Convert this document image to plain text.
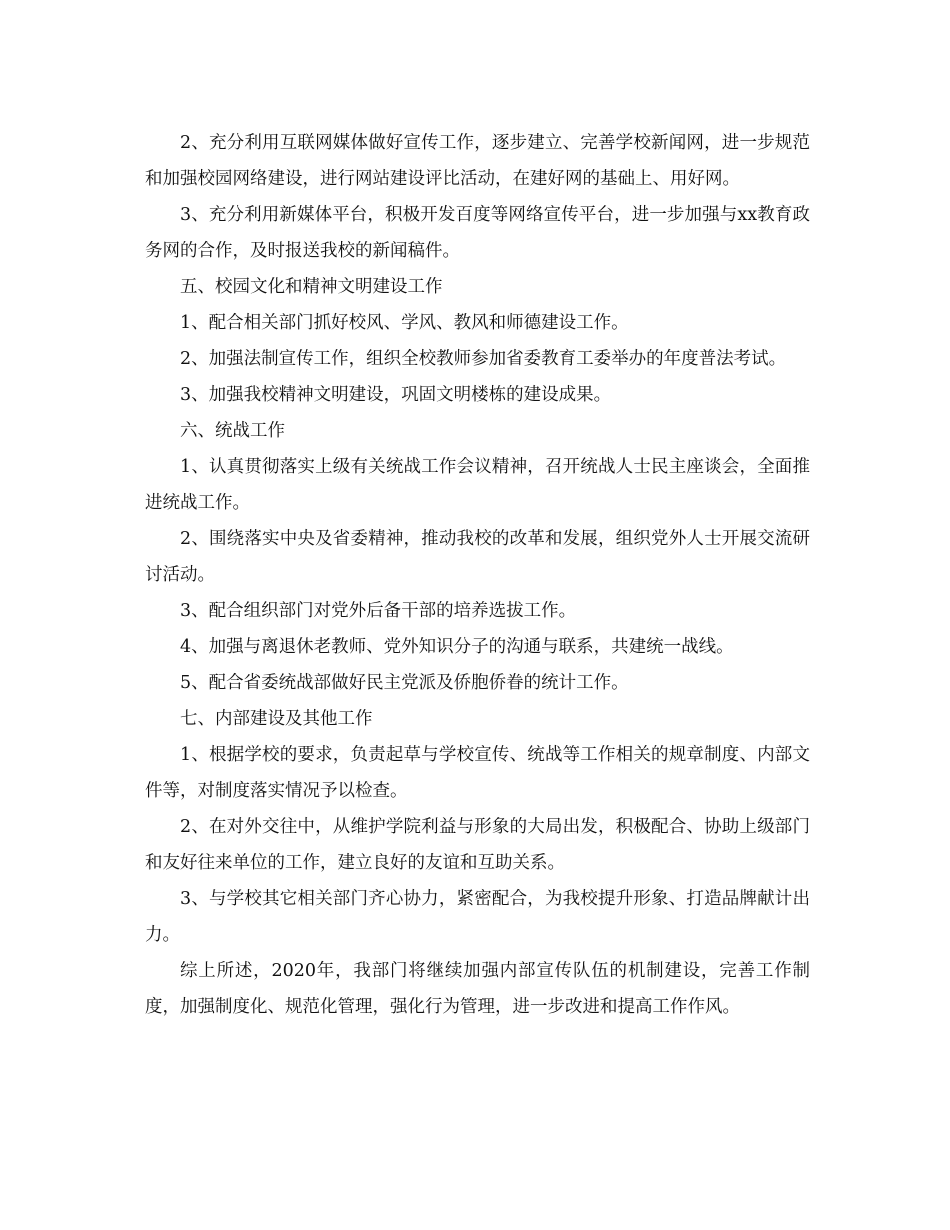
2、充分利用互联网媒体做好宣传工作，逐步建立、完善学校新闻网，进一步规范和加强校园网络建设，进行网站建设评比活动，在建好网的基础上、用好网。

3、充分利用新媒体平台，积极开发百度等网络宣传平台，进一步加强与xx教育政务网的合作，及时报送我校的新闻稿件。

五、校园文化和精神文明建设工作

1、配合相关部门抓好校风、学风、教风和师德建设工作。

2、加强法制宣传工作，组织全校教师参加省委教育工委举办的年度普法考试。

3、加强我校精神文明建设，巩固文明楼栋的建设成果。

六、统战工作

1、认真贯彻落实上级有关统战工作会议精神，召开统战人士民主座谈会，全面推进统战工作。

2、围绕落实中央及省委精神，推动我校的改革和发展，组织党外人士开展交流研讨活动。

3、配合组织部门对党外后备干部的培养选拔工作。

4、加强与离退休老教师、党外知识分子的沟通与联系，共建统一战线。

5、配合省委统战部做好民主党派及侨胞侨眷的统计工作。

七、内部建设及其他工作

1、根据学校的要求，负责起草与学校宣传、统战等工作相关的规章制度、内部文件等，对制度落实情况予以检查。

2、在对外交往中，从维护学院利益与形象的大局出发，积极配合、协助上级部门和友好往来单位的工作，建立良好的友谊和互助关系。

3、与学校其它相关部门齐心协力，紧密配合，为我校提升形象、打造品牌献计出力。

综上所述，2020年，我部门将继续加强内部宣传队伍的机制建设，完善工作制度，加强制度化、规范化管理，强化行为管理，进一步改进和提高工作作风。
